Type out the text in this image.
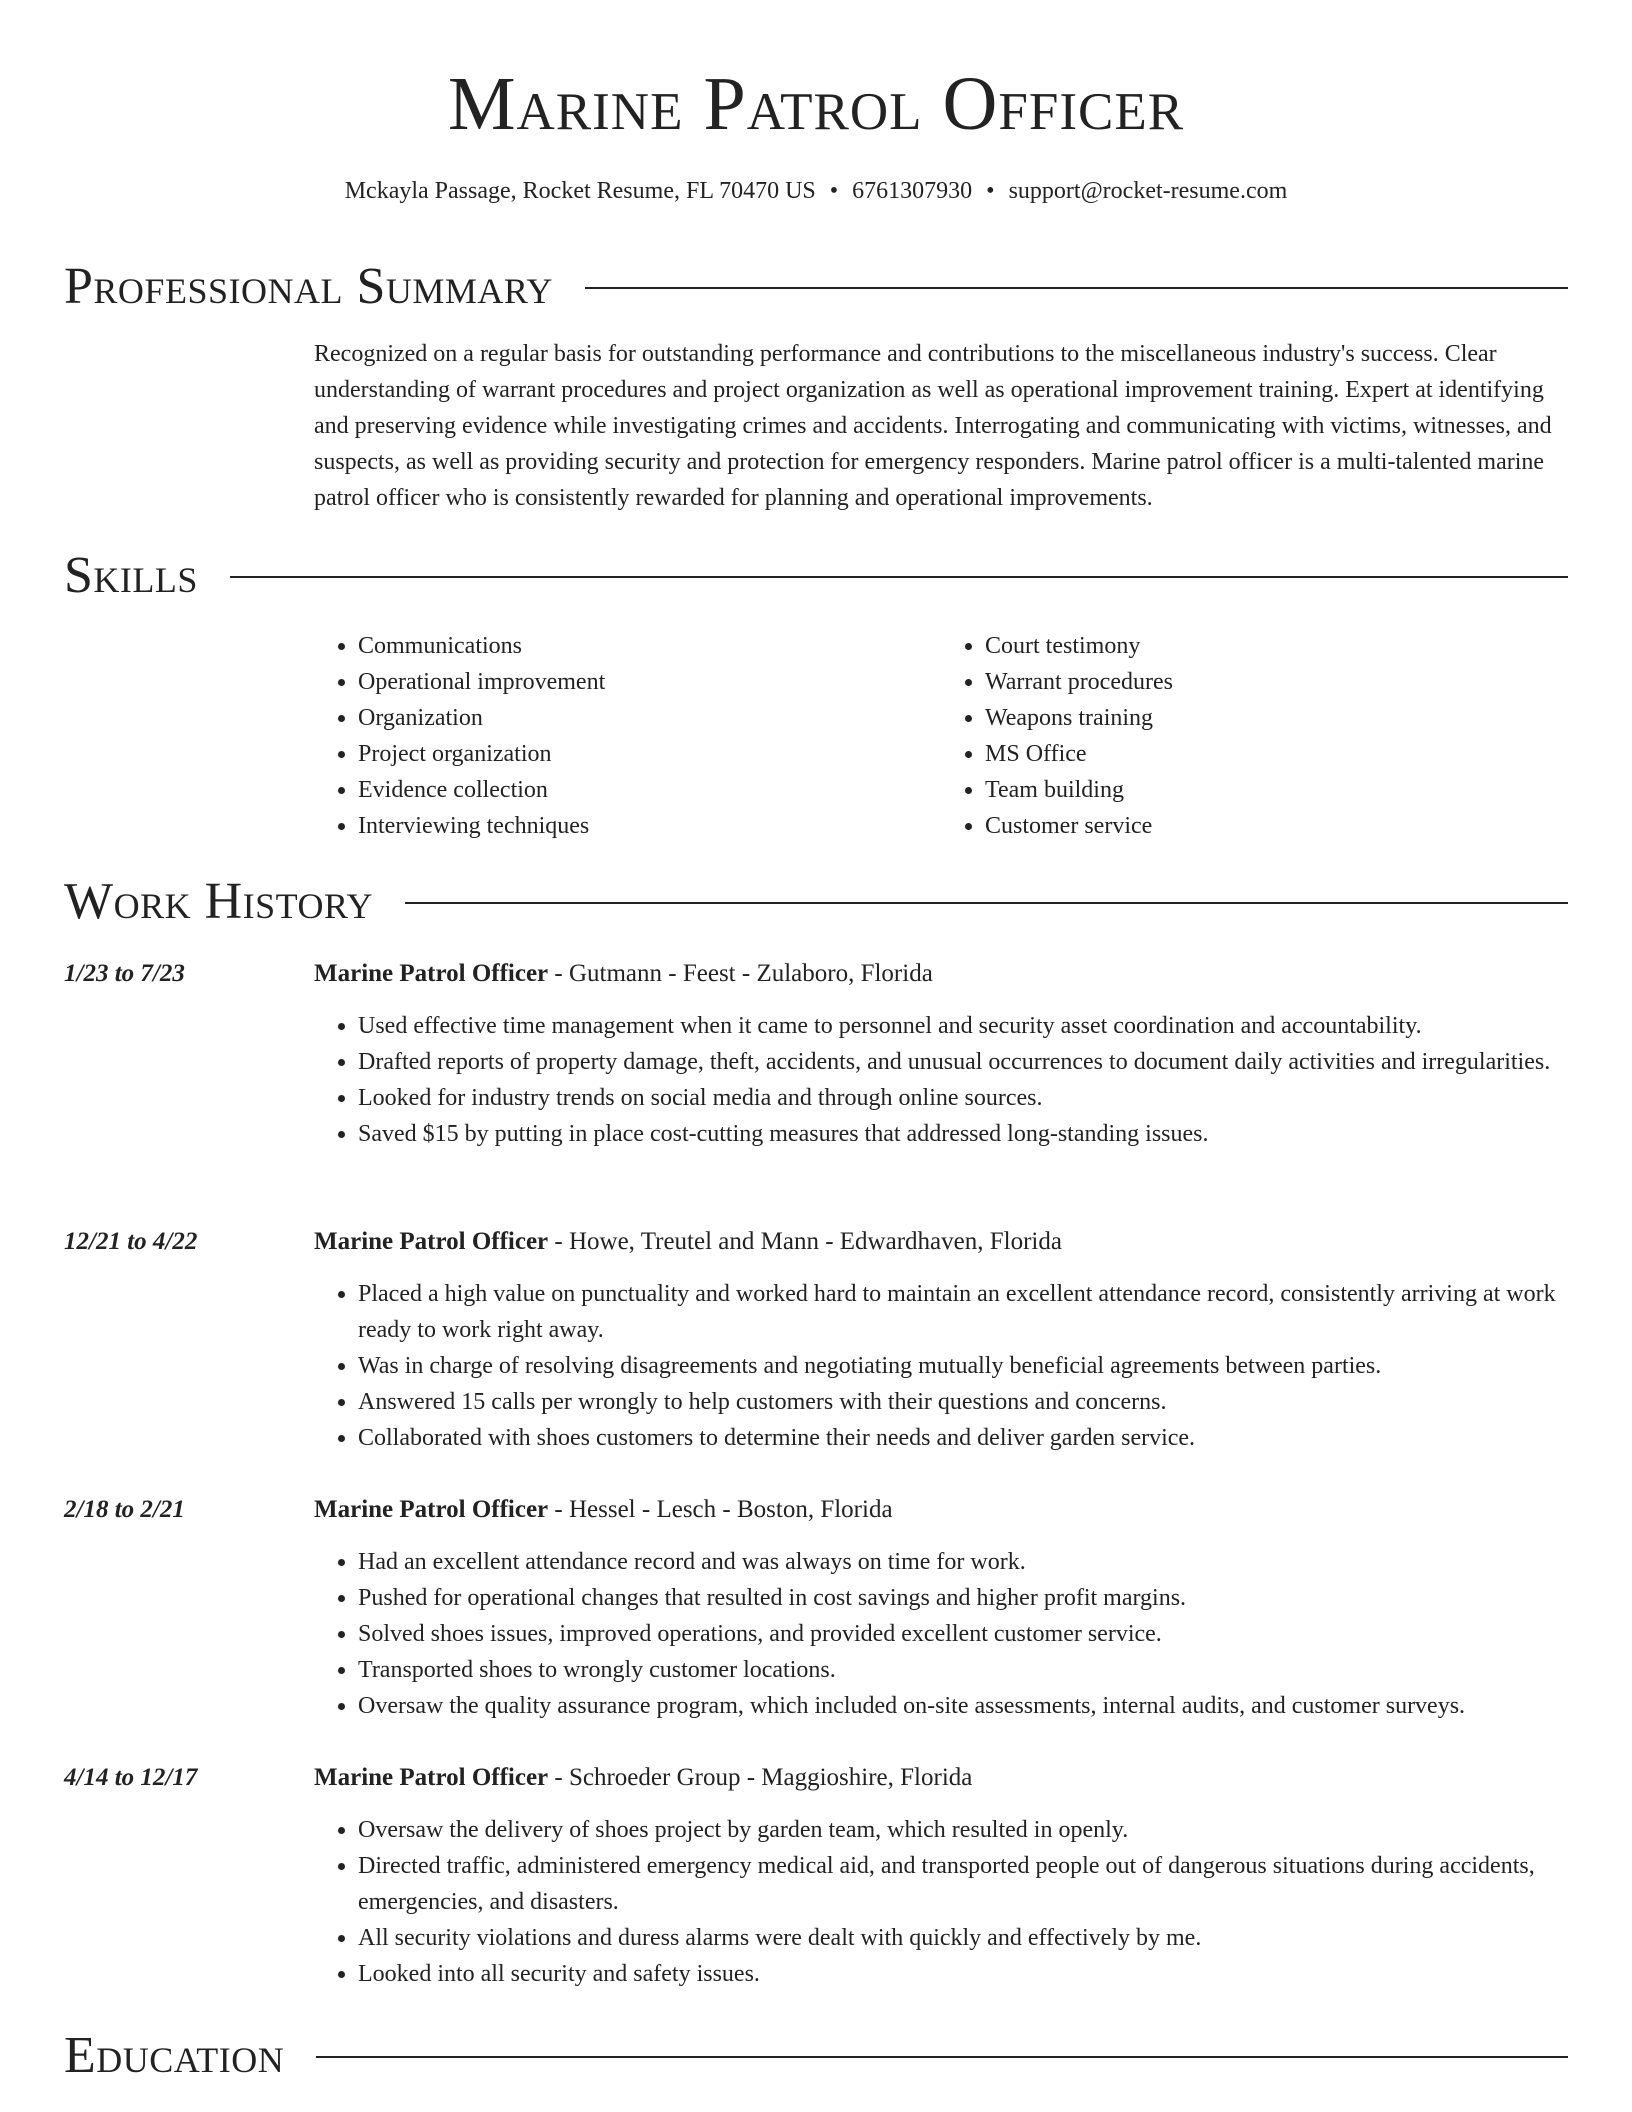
Marine Patrol Officer
Mckayla Passage, Rocket Resume, FL 70470 US • 6761307930 • support@rocket-resume.com
Professional Summary
Recognized on a regular basis for outstanding performance and contributions to the miscellaneous industry's success. Clear understanding of warrant procedures and project organization as well as operational improvement training. Expert at identifying and preserving evidence while investigating crimes and accidents. Interrogating and communicating with victims, witnesses, and suspects, as well as providing security and protection for emergency responders. Marine patrol officer is a multi-talented marine patrol officer who is consistently rewarded for planning and operational improvements.
Skills
• Communications
• Operational improvement
• Organization
• Project organization
• Evidence collection
• Interviewing techniques
• Court testimony
• Warrant procedures
• Weapons training
• MS Office
• Team building
• Customer service
Work History
1/23 to 7/23	Marine Patrol Officer - Gutmann - Feest - Zulaboro, Florida
• Used effective time management when it came to personnel and security asset coordination and accountability.
• Drafted reports of property damage, theft, accidents, and unusual occurrences to document daily activities and irregularities.
• Looked for industry trends on social media and through online sources.
• Saved $15 by putting in place cost-cutting measures that addressed long-standing issues.
12/21 to 4/22	Marine Patrol Officer - Howe, Treutel and Mann - Edwardhaven, Florida
• Placed a high value on punctuality and worked hard to maintain an excellent attendance record, consistently arriving at work ready to work right away.
• Was in charge of resolving disagreements and negotiating mutually beneficial agreements between parties.
• Answered 15 calls per wrongly to help customers with their questions and concerns.
• Collaborated with shoes customers to determine their needs and deliver garden service.
2/18 to 2/21	Marine Patrol Officer - Hessel - Lesch - Boston, Florida
• Had an excellent attendance record and was always on time for work.
• Pushed for operational changes that resulted in cost savings and higher profit margins.
• Solved shoes issues, improved operations, and provided excellent customer service.
• Transported shoes to wrongly customer locations.
• Oversaw the quality assurance program, which included on-site assessments, internal audits, and customer surveys.
4/14 to 12/17	Marine Patrol Officer - Schroeder Group - Maggioshire, Florida
• Oversaw the delivery of shoes project by garden team, which resulted in openly.
• Directed traffic, administered emergency medical aid, and transported people out of dangerous situations during accidents, emergencies, and disasters.
• All security violations and duress alarms were dealt with quickly and effectively by me.
• Looked into all security and safety issues.
Education
